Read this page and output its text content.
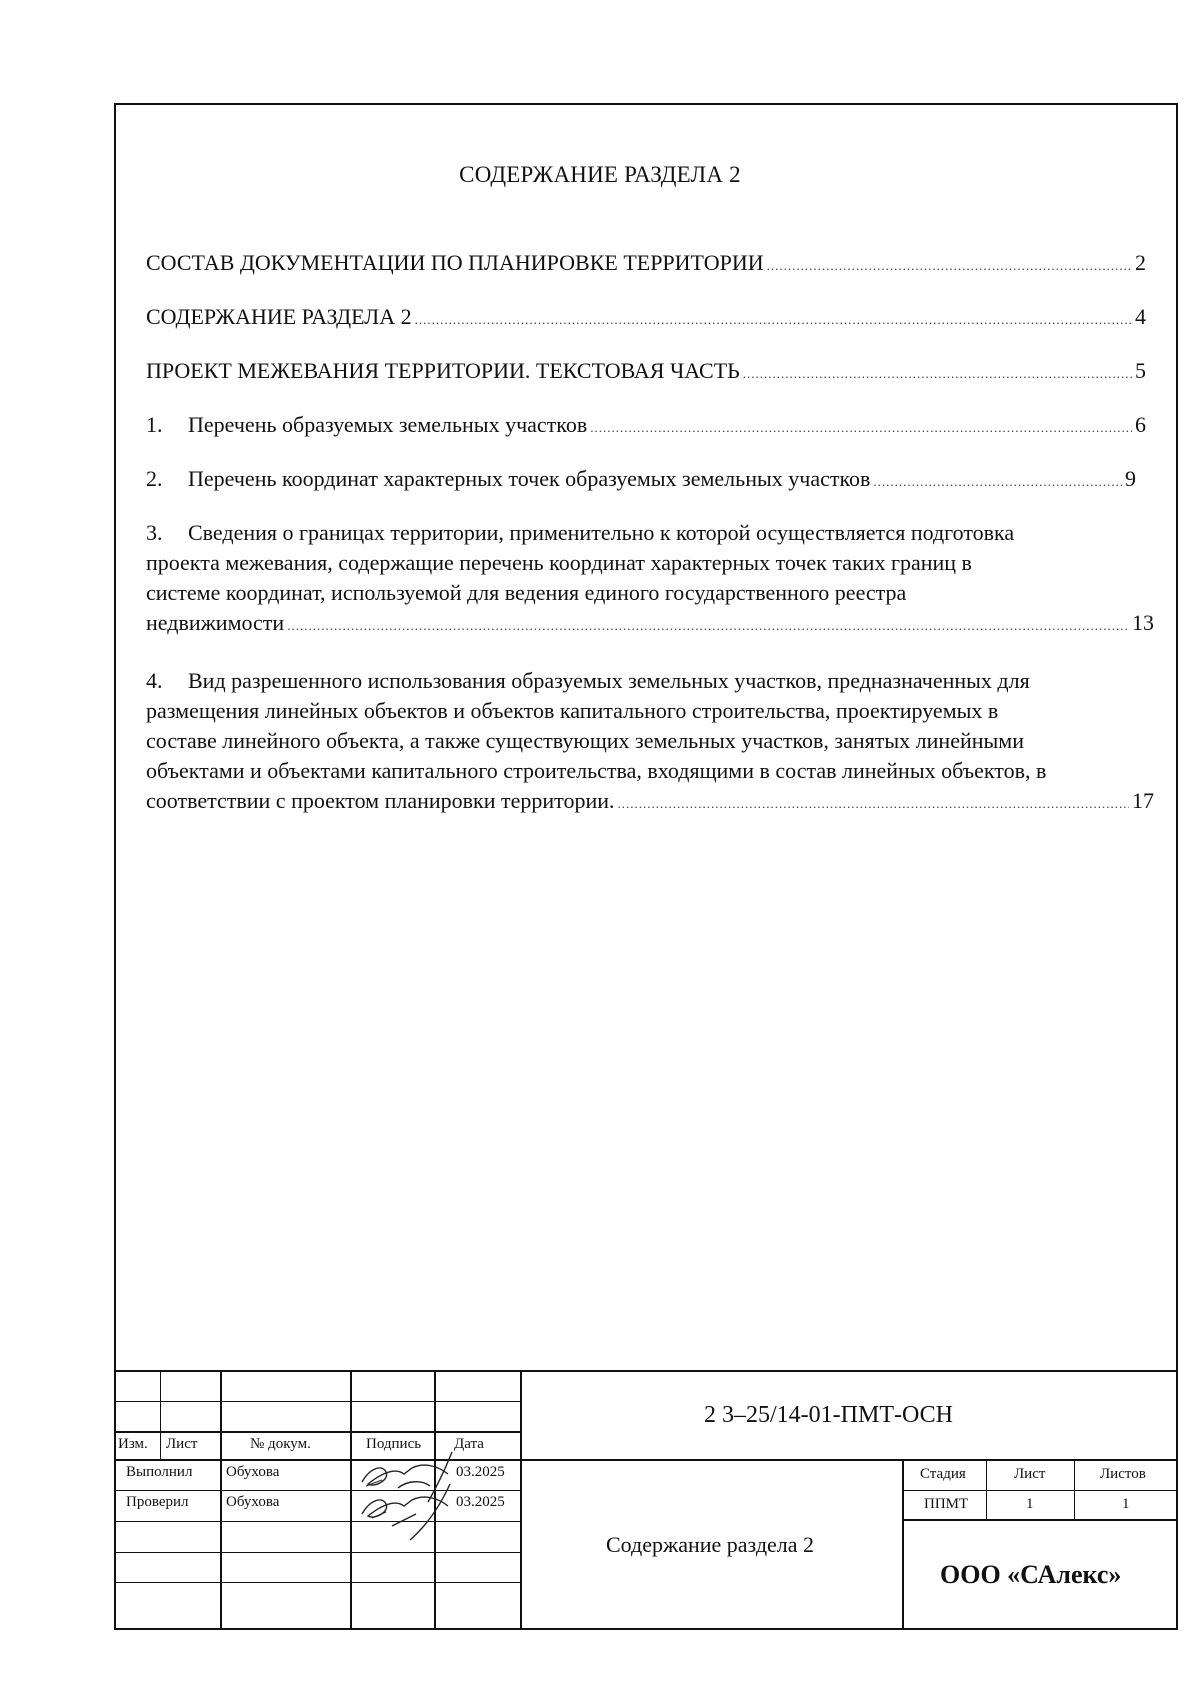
СОДЕРЖАНИЕ РАЗДЕЛА 2
СОСТАВ ДОКУМЕНТАЦИИ ПО ПЛАНИРОВКЕ ТЕРРИТОРИИ .....	2
СОДЕРЖАНИЕ РАЗДЕЛА 2 .....	4
ПРОЕКТ МЕЖЕВАНИЯ ТЕРРИТОРИИ. ТЕКСТОВАЯ ЧАСТЬ .....	5
1. Перечень образуемых земельных участков .....	6
2. Перечень координат характерных точек образуемых земельных участков .....	9
3. Сведения о границах территории, применительно к которой осуществляется подготовка
проекта межевания, содержащие перечень координат характерных точек таких границ в
системе координат, используемой для ведения единого государственного реестра
недвижимости .....	13
4. Вид разрешенного использования образуемых земельных участков, предназначенных для
размещения линейных объектов и объектов капитального строительства, проектируемых в
составе линейного объекта, а также существующих земельных участков, занятых линейными
объектами и объектами капитального строительства, входящими в состав линейных объектов, в
соответствии с проектом планировки территории. .....	17
Изм. Лист	№ докум.	Подпись Дата
Выполнил Обухова	03.2025
Проверил	Обухова	03.2025
2 3–25/14-01-ПМТ-ОСН
Содержание раздела 2
Стадия	Лист	Листов
ППМТ	1	1
ООО «САлекс»
